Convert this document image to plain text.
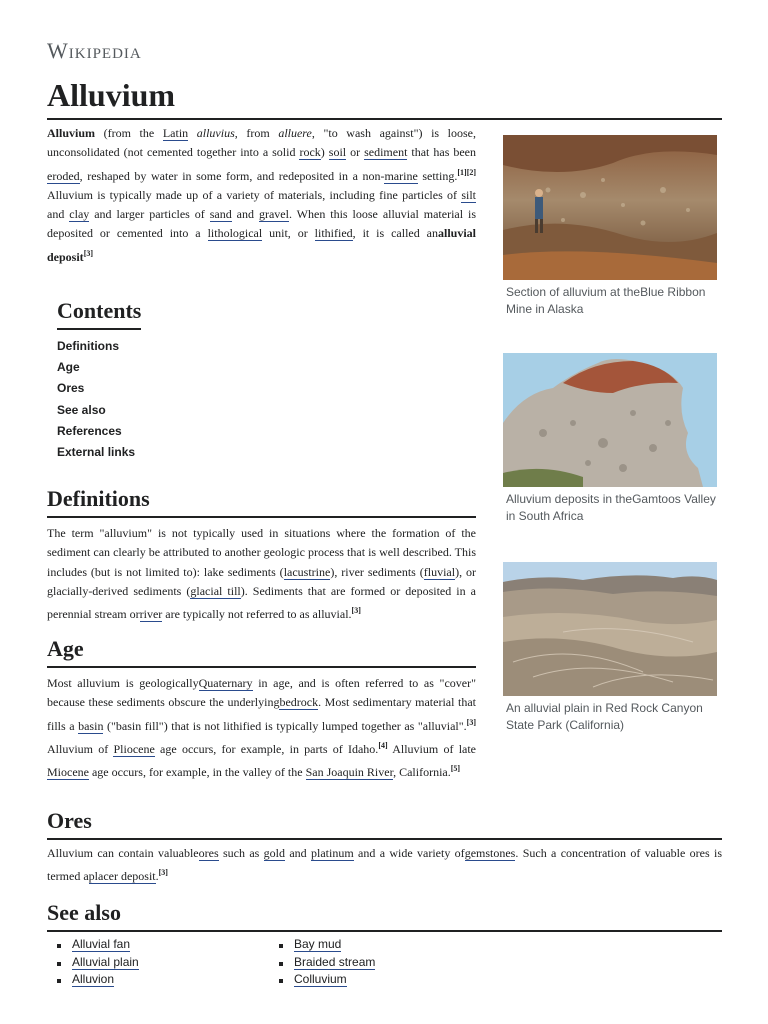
Wikipedia
Alluvium
Alluvium (from the Latin alluvius, from alluere, "to wash against") is loose, unconsolidated (not cemented together into a solid rock) soil or sediment that has been eroded, reshaped by water in some form, and redeposited in a non-marine setting.[1][2] Alluvium is typically made up of a variety of materials, including fine particles of silt and clay and larger particles of sand and gravel. When this loose alluvial material is deposited or cemented into a lithological unit, or lithified, it is called analluvial deposit[3]
Contents
Definitions
Age
Ores
See also
References
External links
Definitions
The term "alluvium" is not typically used in situations where the formation of the sediment can clearly be attributed to another geologic process that is well described. This includes (but is not limited to): lake sediments (lacustrine), river sediments (fluvial), or glacially-derived sediments (glacial till). Sediments that are formed or deposited in a perennial stream orriver are typically not referred to as alluvial.[3]
Age
Most alluvium is geologicallyQuaternary in age, and is often referred to as "cover" because these sediments obscure the underlyingbedrock. Most sedimentary material that fills a basin ("basin fill") that is not lithified is typically lumped together as "alluvial".[3] Alluvium of Pliocene age occurs, for example, in parts of Idaho.[4] Alluvium of late Miocene age occurs, for example, in the valley of the San Joaquin River, California.[5]
Ores
Alluvium can contain valuableores such as gold and platinum and a wide variety ofgemstones. Such a concentration of valuable ores is termed aplacer deposit.[3]
See also
Alluvial fan
Alluvial plain
Alluvion
Bay mud
Braided stream
Colluvium
Section of alluvium at theBlue Ribbon Mine in Alaska
Alluvium deposits in theGamtoos Valley in South Africa
An alluvial plain in Red Rock Canyon State Park (California)
